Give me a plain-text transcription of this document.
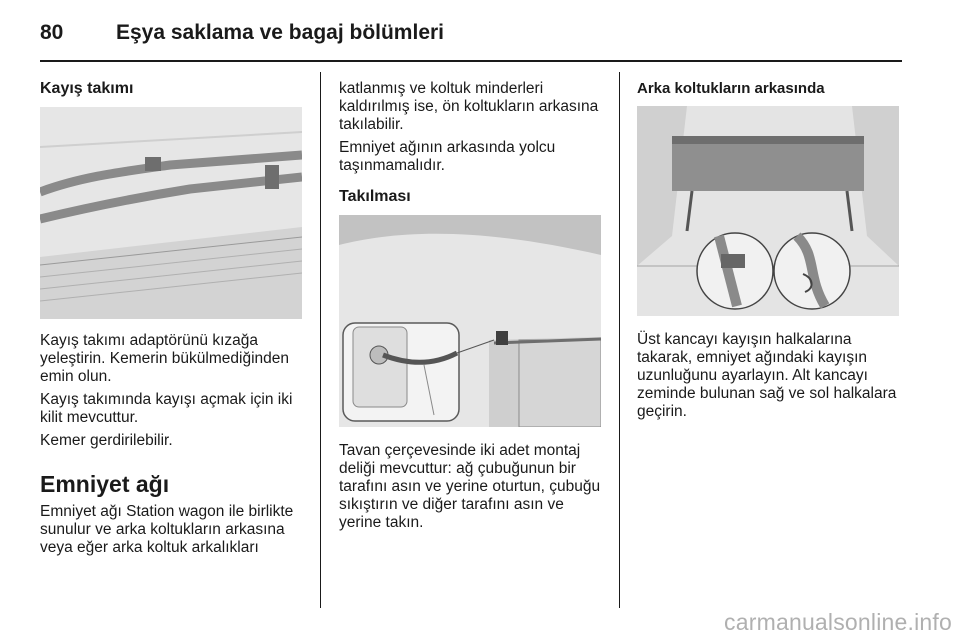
80	Eşya saklama ve bagaj bölümleri
Kayış takımı

Kayış takımı adaptörünü kızağa yeleştirin. Kemerin bükülmediğinden emin olun.

Kayış takımında kayışı açmak için iki kilit mevcuttur.

Kemer gerdirilebilir.

Emniyet ağı

Emniyet ağı Station wagon ile birlikte sunulur ve arka koltukların arkasına veya eğer arka koltuk arkalıkları

katlanmış ve koltuk minderleri kaldırılmış ise, ön koltukların arkasına takılabilir.

Emniyet ağının arkasında yolcu taşınmamalıdır.

Takılması

Tavan çerçevesinde iki adet montaj deliği mevcuttur: ağ çubuğunun bir tarafını asın ve yerine oturtun, çubuğu sıkıştırın ve diğer tarafını asın ve yerine takın.

Arka koltukların arkasında

Üst kancayı kayışın halkalarına takarak, emniyet ağındaki kayışın uzunluğunu ayarlayın. Alt kancayı zeminde bulunan sağ ve sol halkalara geçirin.

carmanualsonline.info
